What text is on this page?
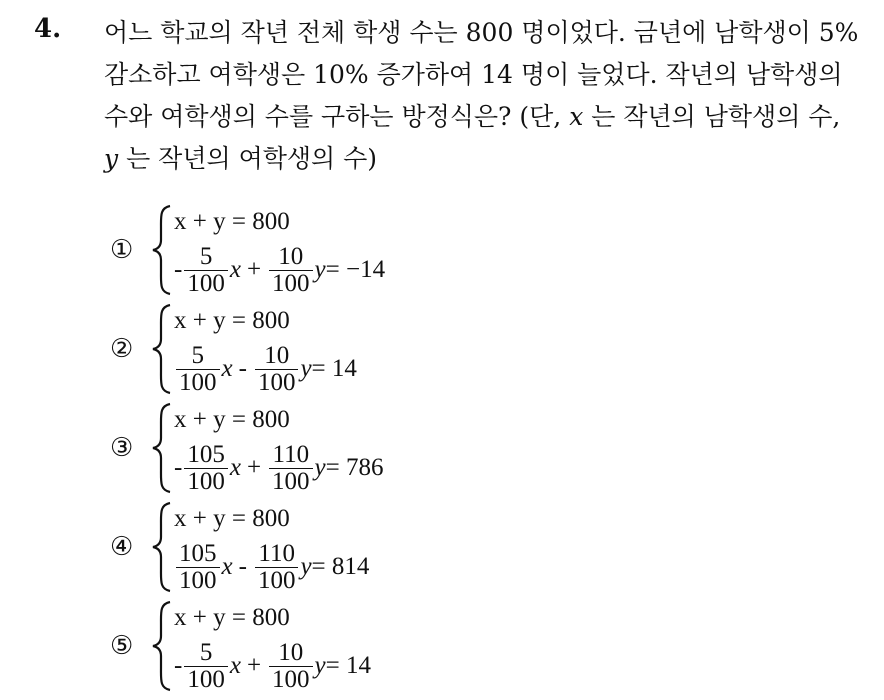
4. 어느 학교의 작년 전체 학생 수는 800 명이었다. 금년에 남학생이 5%
감소하고 여학생은 10% 증가하여 14 명이 늘었다. 작년의 남학생의
수와 여학생의 수를 구하는 방정식은? (단, x 는 작년의 남학생의 수,
y 는 작년의 여학생의 수)
①
x + y = 800
- $\frac{5}{100}$ $x + \frac{10}{100}$ y = −14
②
x + y = 800
$\frac{5}{100}$ x - $\frac{10}{100}$ y = 14
③
x + y = 800
- $\frac{105}{100}$ $x + \frac{110}{100}$ y = 786
④
x + y = 800
$\frac{105}{100}$ x - $\frac{110}{100}$ y = 814
⑤
x + y = 800
- $\frac{5}{100}$ $x + \frac{10}{100}$ y = 14
